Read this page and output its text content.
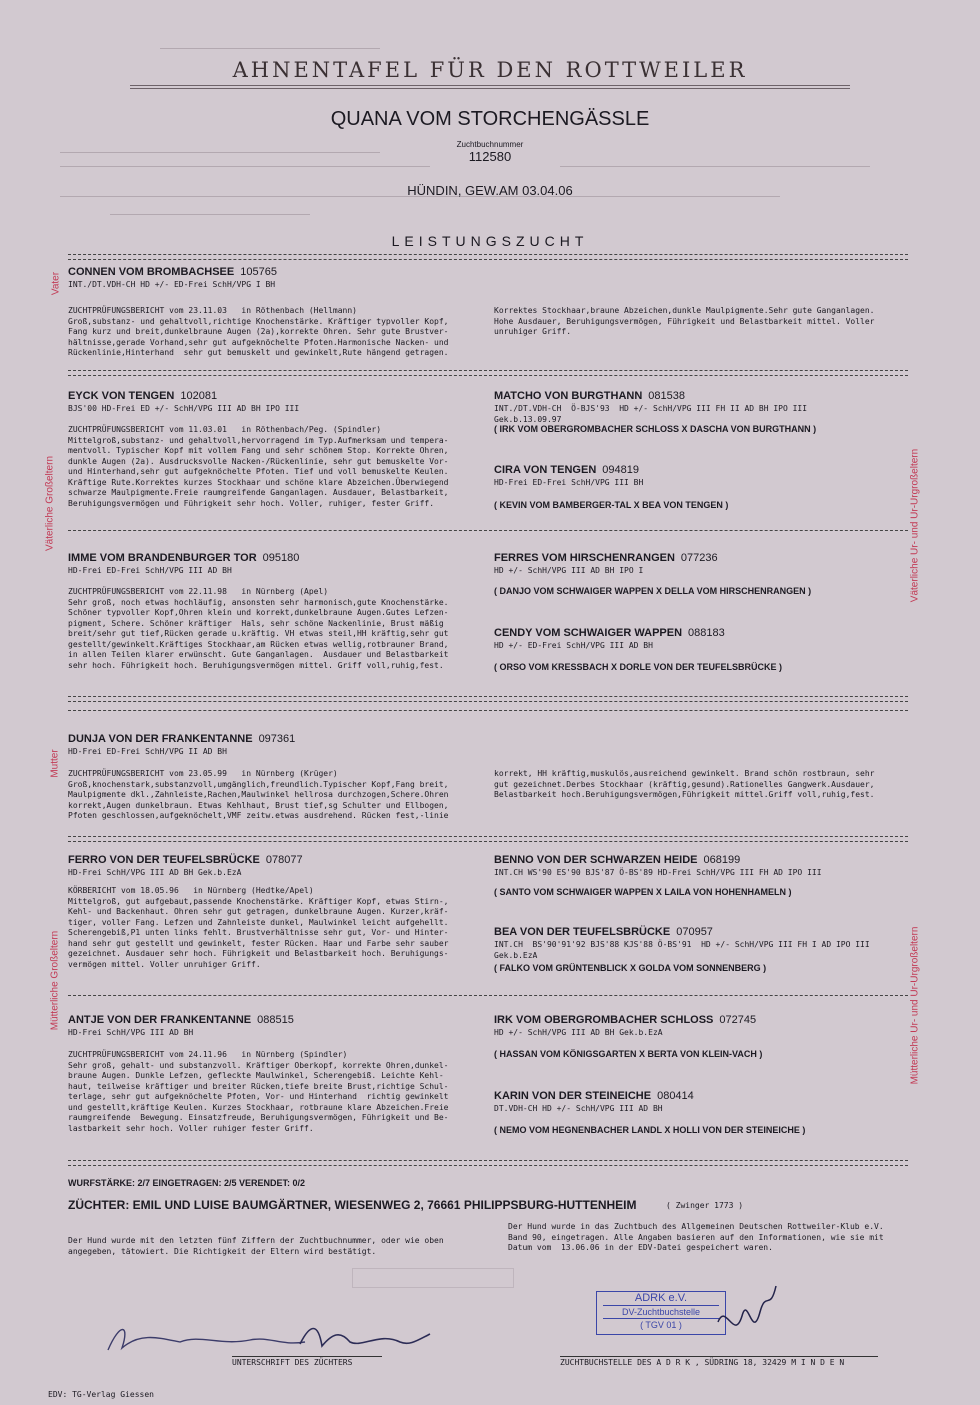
AHNENTAFEL FÜR DEN ROTTWEILER
QUANA VOM STORCHENGÄSSLE
Zuchtbuchnummer
112580
HÜNDIN, GEW.AM 03.04.06
LEISTUNGSZUCHT
Vater
Väterliche Großeltern	Väterliche Ur- und Ur-Urgroßeltern
Mutter
Mütterliche Großeltern	Mütterliche Ur- und Ur-Urgroßeltern
CONNEN VOM BROMBACHSEE 105765
INT./DT.VDH-CH HD +/- ED-Frei SchH/VPG I BH
ZUCHTPRÜFUNGSBERICHT vom 23.11.03   in Röthenbach (Hellmann)
Groß,substanz- und gehaltvoll,richtige Knochenstärke. Kräftiger typvoller Kopf,
Fang kurz und breit,dunkelbraune Augen (2a),korrekte Ohren. Sehr gute Brustver-
hältnisse,gerade Vorhand,sehr gut aufgeknöchelte Pfoten.Harmonische Nacken- und
Rückenlinie,Hinterhand  sehr gut bemuskelt und gewinkelt,Rute hängend getragen.
Korrektes Stockhaar,braune Abzeichen,dunkle Maulpigmente.Sehr gute Ganganlagen.
Hohe Ausdauer, Beruhigungsvermögen, Führigkeit und Belastbarkeit mittel. Voller
unruhiger Griff.
EYCK VON TENGEN 102081
BJS'00 HD-Frei ED +/- SchH/VPG III AD BH IPO III
ZUCHTPRÜFUNGSBERICHT vom 11.03.01   in Röthenbach/Peg. (Spindler)
Mittelgroß,substanz- und gehaltvoll,hervorragend im Typ.Aufmerksam und tempera-
mentvoll. Typischer Kopf mit vollem Fang und sehr schönem Stop. Korrekte Ohren,
dunkle Augen (2a). Ausdrucksvolle Nacken-/Rückenlinie, sehr gut bemuskelte Vor-
und Hinterhand,sehr gut aufgeknöchelte Pfoten. Tief und voll bemuskelte Keulen.
Kräftige Rute.Korrektes kurzes Stockhaar und schöne klare Abzeichen.Überwiegend
schwarze Maulpigmente.Freie raumgreifende Ganganlagen. Ausdauer, Belastbarkeit,
Beruhigungsvermögen und Führigkeit sehr hoch. Voller, ruhiger, fester Griff.
MATCHO VON BURGTHANN 081538
INT./DT.VDH-CH  Ö-BJS'93  HD +/- SchH/VPG III FH II AD BH IPO III
Gek.b.13.09.97
( IRK VOM OBERGROMBACHER SCHLOSS X DASCHA VON BURGTHANN )
CIRA VON TENGEN 094819
HD-Frei ED-Frei SchH/VPG III BH
( KEVIN VOM BAMBERGER-TAL X BEA VON TENGEN )
IMME VOM BRANDENBURGER TOR 095180
HD-Frei ED-Frei SchH/VPG III AD BH
ZUCHTPRÜFUNGSBERICHT vom 22.11.98   in Nürnberg (Apel)
Sehr groß, noch etwas hochläufig, ansonsten sehr harmonisch,gute Knochenstärke.
Schöner typvoller Kopf,Ohren klein und korrekt,dunkelbraune Augen.Gutes Lefzen-
pigment, Schere. Schöner kräftiger  Hals, sehr schöne Nackenlinie, Brust mäßig
breit/sehr gut tief,Rücken gerade u.kräftig. VH etwas steil,HH kräftig,sehr gut
gestellt/gewinkelt.Kräftiges Stockhaar,am Rücken etwas wellig,rotbrauner Brand,
in allen Teilen klarer erwünscht. Gute Ganganlagen.  Ausdauer und Belastbarkeit
sehr hoch. Führigkeit hoch. Beruhigungsvermögen mittel. Griff voll,ruhig,fest.
FERRES VOM HIRSCHENRANGEN 077236
HD +/- SchH/VPG III AD BH IPO I
( DANJO VOM SCHWAIGER WAPPEN X DELLA VOM HIRSCHENRANGEN )
CENDY VOM SCHWAIGER WAPPEN 088183
HD +/- ED-Frei SchH/VPG III AD BH
( ORSO VOM KRESSBACH X DORLE VON DER TEUFELSBRÜCKE )
DUNJA VON DER FRANKENTANNE 097361
HD-Frei ED-Frei SchH/VPG II AD BH
ZUCHTPRÜFUNGSBERICHT vom 23.05.99   in Nürnberg (Krüger)
Groß,knochenstark,substanzvoll,umgänglich,freundlich.Typischer Kopf,Fang breit,
Maulpigmente dkl.,Zahnleiste,Rachen,Maulwinkel hellrosa durchzogen,Schere.Ohren
korrekt,Augen dunkelbraun. Etwas Kehlhaut, Brust tief,sg Schulter und Ellbogen,
Pfoten geschlossen,aufgeknöchelt,VMF zeitw.etwas ausdrehend. Rücken fest,-linie
korrekt, HH kräftig,muskulös,ausreichend gewinkelt. Brand schön rostbraun, sehr
gut gezeichnet.Derbes Stockhaar (kräftig,gesund).Rationelles Gangwerk.Ausdauer,
Belastbarkeit hoch.Beruhigungsvermögen,Führigkeit mittel.Griff voll,ruhig,fest.
FERRO VON DER TEUFELSBRÜCKE 078077
HD-Frei SchH/VPG III AD BH Gek.b.EzA
KÖRBERICHT vom 18.05.96   in Nürnberg (Hedtke/Apel)
Mittelgroß, gut aufgebaut,passende Knochenstärke. Kräftiger Kopf, etwas Stirn-,
Kehl- und Backenhaut. Ohren sehr gut getragen, dunkelbraune Augen. Kurzer,kräf-
tiger, voller Fang. Lefzen und Zahnleiste dunkel, Maulwinkel leicht aufgehellt.
Scherengebiß,P1 unten links fehlt. Brustverhältnisse sehr gut, Vor- und Hinter-
hand sehr gut gestellt und gewinkelt, fester Rücken. Haar und Farbe sehr sauber
gezeichnet. Ausdauer sehr hoch. Führigkeit und Belastbarkeit hoch. Beruhigungs-
vermögen mittel. Voller unruhiger Griff.
BENNO VON DER SCHWARZEN HEIDE 068199
INT.CH WS'90 ES'90 BJS'87 Ö-BS'89 HD-Frei SchH/VPG III FH AD IPO III
( SANTO VOM SCHWAIGER WAPPEN X LAILA VON HOHENHAMELN )
BEA VON DER TEUFELSBRÜCKE 070957
INT.CH  BS'90'91'92 BJS'88 KJS'88 Ö-BS'91  HD +/- SchH/VPG III FH I AD IPO III
Gek.b.EzA
( FALKO VOM GRÜNTENBLICK X GOLDA VOM SONNENBERG )
ANTJE VON DER FRANKENTANNE 088515
HD-Frei SchH/VPG III AD BH
ZUCHTPRÜFUNGSBERICHT vom 24.11.96   in Nürnberg (Spindler)
Sehr groß, gehalt- und substanzvoll. Kräftiger Oberkopf, korrekte Ohren,dunkel-
braune Augen. Dunkle Lefzen, gefleckte Maulwinkel, Scherengebiß. Leichte Kehl-
haut, teilweise kräftiger und breiter Rücken,tiefe breite Brust,richtige Schul-
terlage, sehr gut aufgeknöchelte Pfoten, Vor- und Hinterhand  richtig gewinkelt
und gestellt,kräftige Keulen. Kurzes Stockhaar, rotbraune klare Abzeichen.Freie
raumgreifende  Bewegung. Einsatzfreude, Beruhigungsvermögen, Führigkeit und Be-
lastbarkeit sehr hoch. Voller ruhiger fester Griff.
IRK VOM OBERGROMBACHER SCHLOSS 072745
HD +/- SchH/VPG III AD BH Gek.b.EzA
( HASSAN VOM KÖNIGSGARTEN X BERTA VON KLEIN-VACH )
KARIN VON DER STEINEICHE 080414
DT.VDH-CH HD +/- SchH/VPG III AD BH
( NEMO VOM HEGNENBACHER LANDL X HOLLI VON DER STEINEICHE )
WURFSTÄRKE: 2/7 EINGETRAGEN: 2/5 VERENDET: 0/2
ZÜCHTER: EMIL UND LUISE BAUMGÄRTNER, WIESENWEG 2, 76661 PHILIPPSBURG-HUTTENHEIM	( Zwinger 1773 )
Der Hund wurde mit den letzten fünf Ziffern der Zuchtbuchnummer, oder wie oben
angegeben, tätowiert. Die Richtigkeit der Eltern wird bestätigt.
Der Hund wurde in das Zuchtbuch des Allgemeinen Deutschen Rottweiler-Klub e.V.
Band 90, eingetragen. Alle Angaben basieren auf den Informationen, wie sie mit
Datum vom  13.06.06 in der EDV-Datei gespeichert waren.
UNTERSCHRIFT DES ZÜCHTERS
ADRK e.V.
DV-Zuchtbuchstelle
( TGV 01 )
ZUCHTBUCHSTELLE DES A D R K , SÜDRING 18, 32429 M I N D E N
EDV: TG-Verlag Giessen
